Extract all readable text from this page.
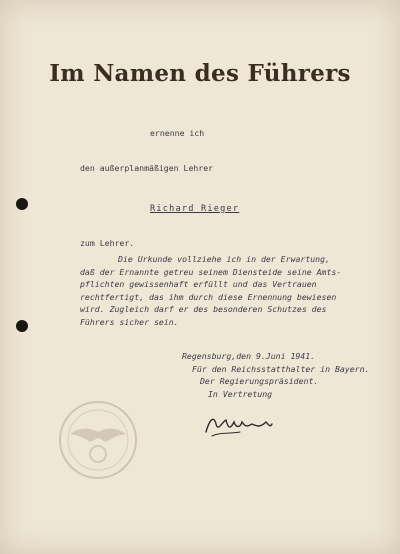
Im Namen des Führers
ernenne ich
den außerplanmäßigen Lehrer
Richard Rieger
zum Lehrer.
Die Urkunde vollziehe ich in der Erwartung,
daß der Ernannte getreu seinem Diensteide seine Amts-
pflichten gewissenhaft erfüllt und das Vertrauen
rechtfertigt, das ihm durch diese Ernennung bewiesen
wird. Zugleich darf er des besonderen Schutzes des
Führers sicher sein.
Regensburg,den 9.Juni 1941.
Für den Reichsstatthalter in Bayern.
Der Regierungspräsident.
In Vertretung
